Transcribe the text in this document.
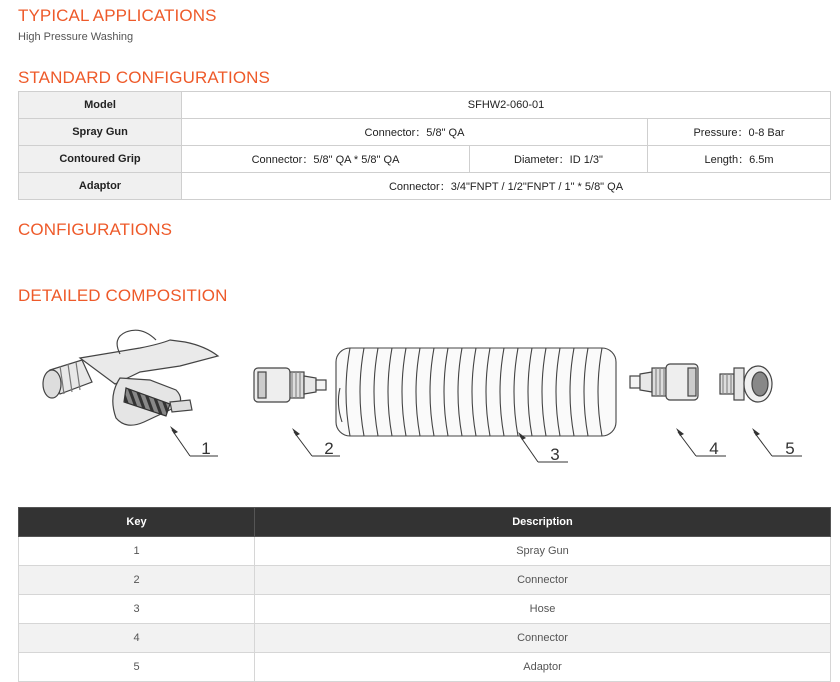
TYPICAL APPLICATIONS
High Pressure Washing
STANDARD CONFIGURATIONS
Model	SFHW2-060-01		
Spray Gun	Connector：5/8" QA		Pressure：0-8 Bar
Contoured Grip	Connector：5/8" QA * 5/8" QA	Diameter：ID 1/3"	Length：6.5m
Adaptor	Connector：3/4"FNPT / 1/2"FNPT / 1" * 5/8" QA		
CONFIGURATIONS
DETAILED COMPOSITION
1	2	3	4	5
Key	Description
1	Spray Gun
2	Connector
3	Hose
4	Connector
5	Adaptor
